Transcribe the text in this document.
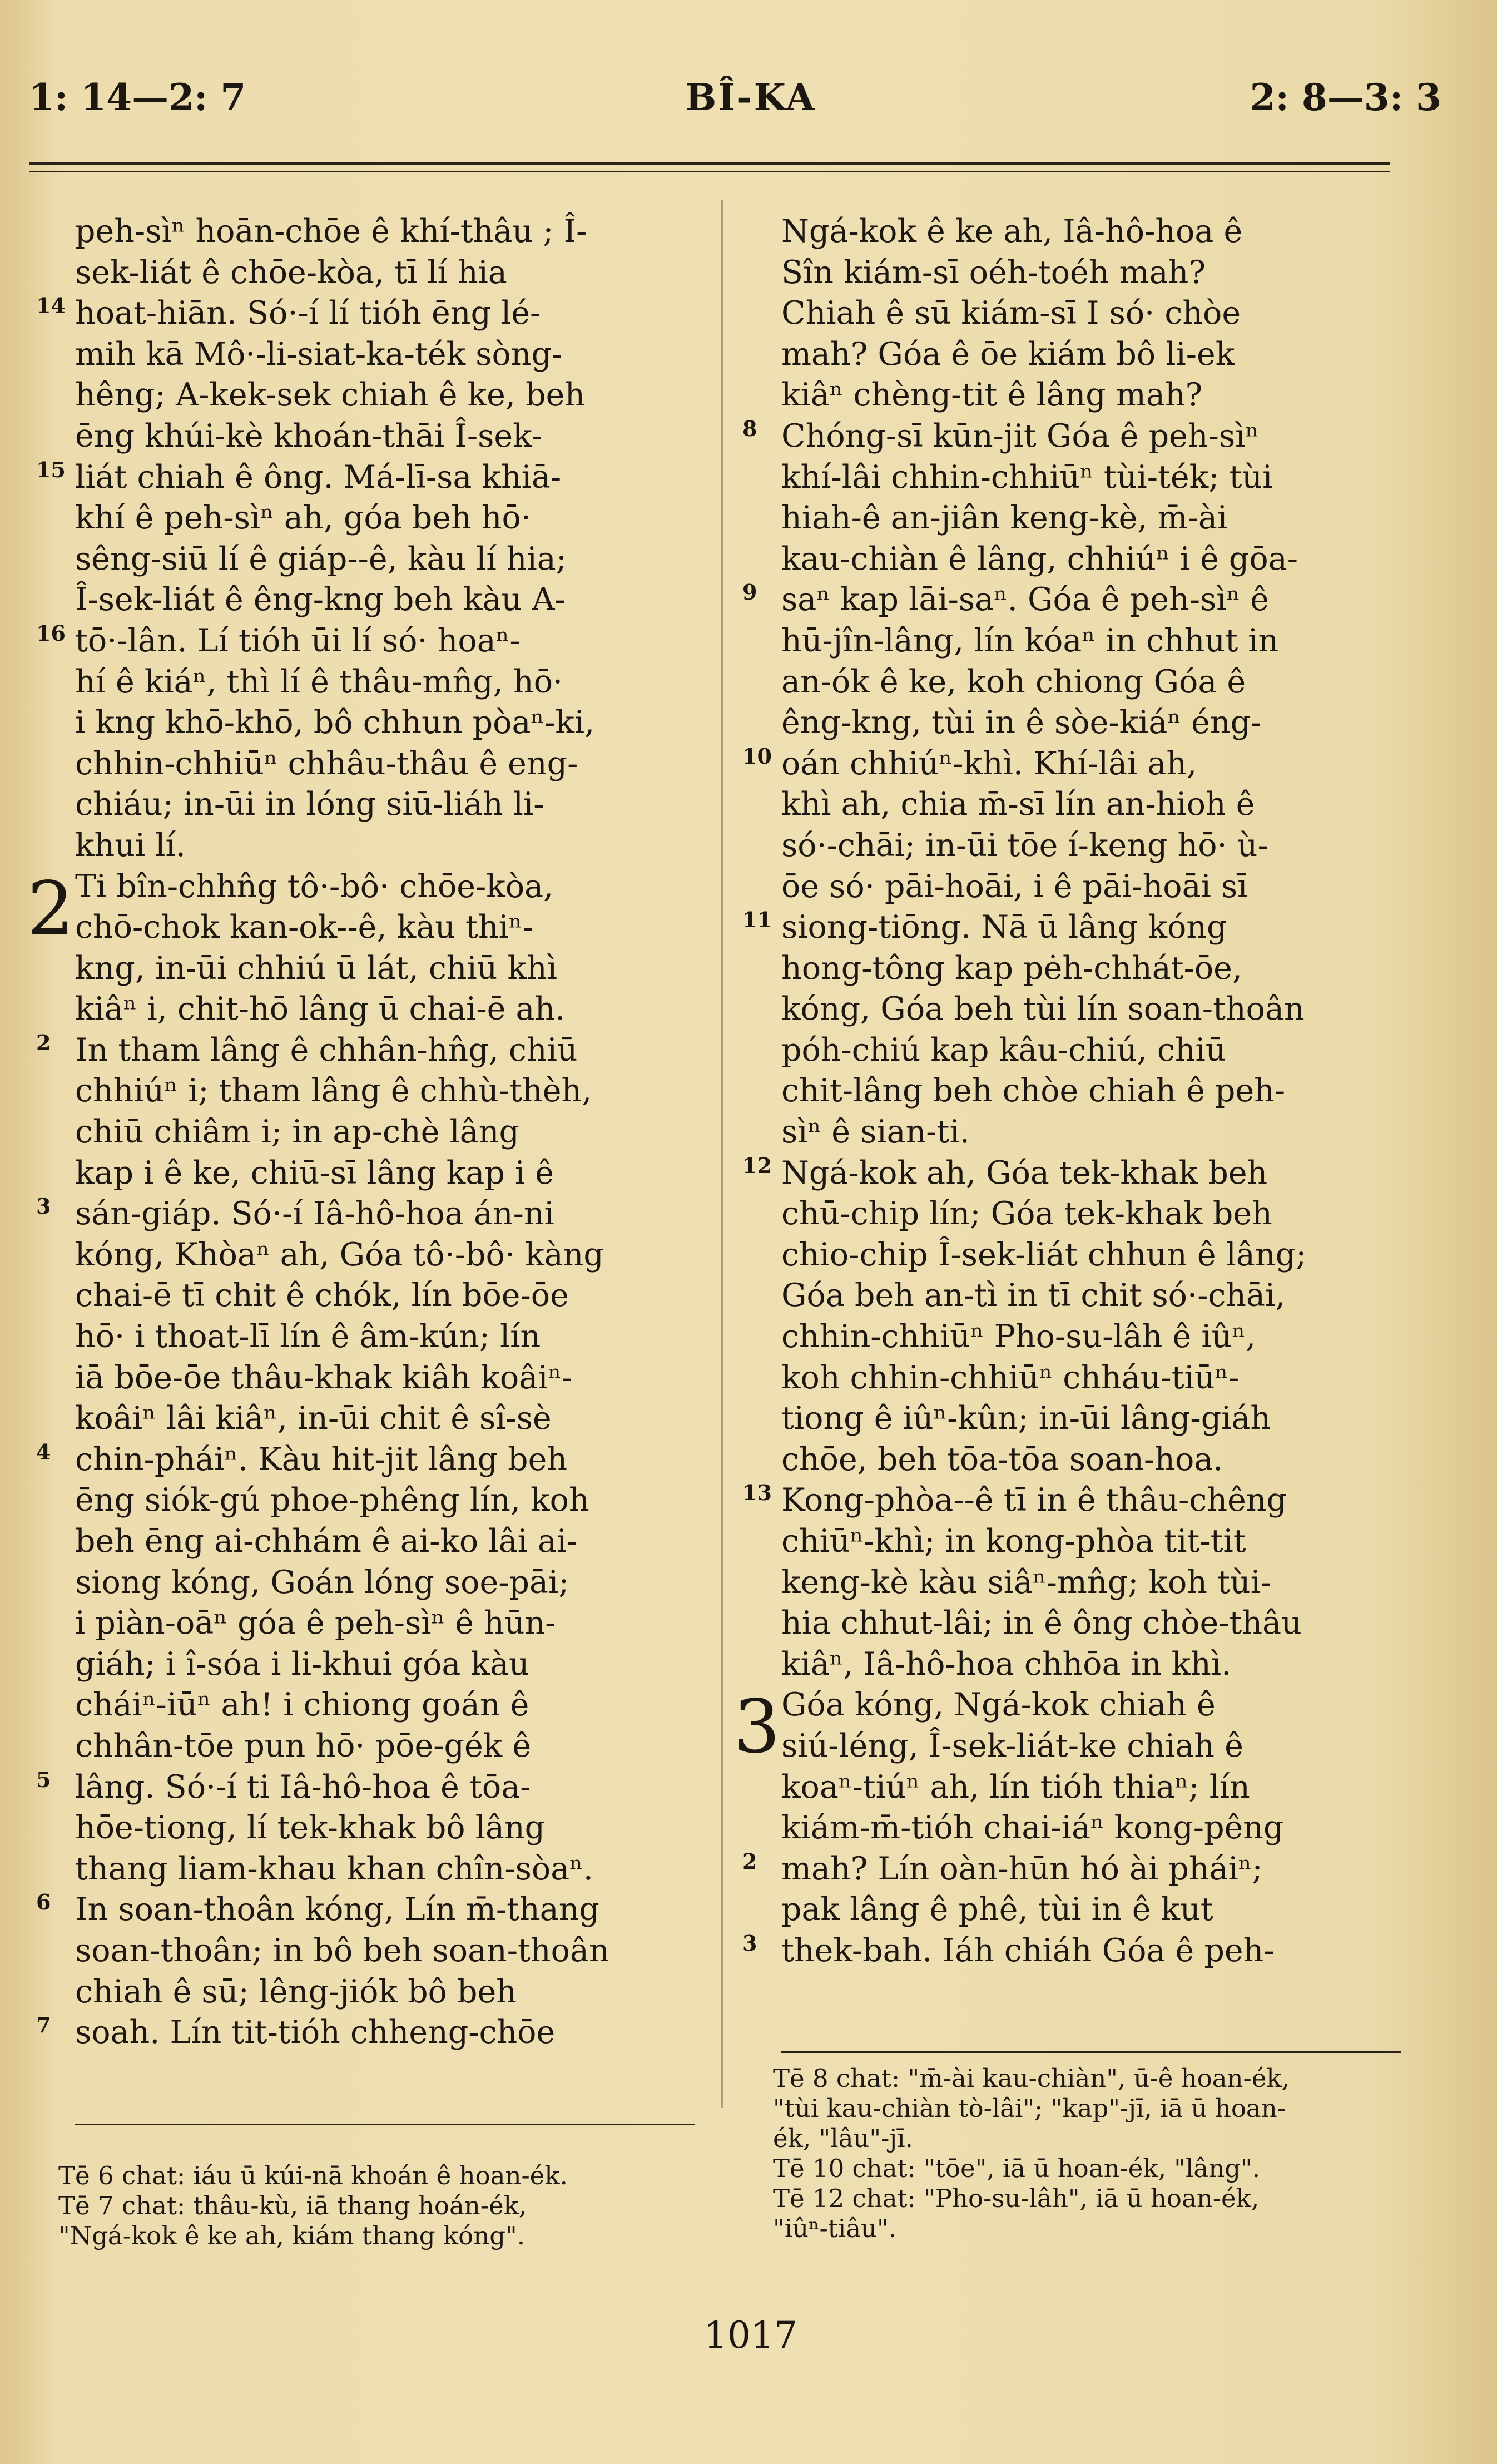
1: 14—2: 7	BÎ-KA	2: 8—3: 3
peh-sìⁿ hoān-chōe ê khí-thâu ; Î-
sek-liát ê chōe-kòa, tī lí hia
14 hoat-hiān. Só·-í lí tióh ēng lé-
mih kā Mô·-li-siat-ka-ték sòng-
hêng; A-kek-sek chiah ê ke, beh
ēng khúi-kè khoán-thāi Î-sek-
15 liát chiah ê ông. Má-lī-sa khiā-
khí ê peh-sìⁿ ah, góa beh hō·
sêng-siū lí ê giáp--ê, kàu lí hia;
Î-sek-liát ê êng-kng beh kàu A-
16 tō·-lân. Lí tióh ūi lí só· hoaⁿ-
hí ê kiáⁿ, thì lí ê thâu-mn̂g, hō·
i kng khō-khō, bô chhun pòaⁿ-ki,
chhin-chhiūⁿ chhâu-thâu ê eng-
chiáu; in-ūi in lóng siū-liáh li-
khui lí.
2 Ti bîn-chhn̂g tô·-bô· chōe-kòa,
chō-chok kan-ok--ê, kàu thiⁿ-
kng, in-ūi chhiú ū lát, chiū khì
kiâⁿ i, chit-hō lâng ū chai-ē ah.
2 In tham lâng ê chhân-hn̂g, chiū
chhiúⁿ i; tham lâng ê chhù-thèh,
chiū chiâm i; in ap-chè lâng
kap i ê ke, chiū-sī lâng kap i ê
3 sán-giáp. Só·-í Iâ-hô-hoa án-ni
kóng, Khòaⁿ ah, Góa tô·-bô· kàng
chai-ē tī chit ê chók, lín bōe-ōe
hō· i thoat-lī lín ê âm-kún; lín
iā bōe-ōe thâu-khak kiâh koâiⁿ-
koâiⁿ lâi kiâⁿ, in-ūi chit ê sî-sè
4 chin-pháiⁿ. Kàu hit-jit lâng beh
ēng siók-gú phoe-phêng lín, koh
beh ēng ai-chhám ê ai-ko lâi ai-
siong kóng, Goán lóng soe-pāi;
i piàn-oāⁿ góa ê peh-sìⁿ ê hūn-
giáh; i î-sóa i li-khui góa kàu
cháiⁿ-iūⁿ ah! i chiong goán ê
chhân-tōe pun hō· pōe-gék ê
5 lâng. Só·-í ti Iâ-hô-hoa ê tōa-
hōe-tiong, lí tek-khak bô lâng
thang liam-khau khan chîn-sòaⁿ.
6 In soan-thoân kóng, Lín m̄-thang
soan-thoân; in bô beh soan-thoân
chiah ê sū; lêng-jiók bô beh
7 soah. Lín tit-tióh chheng-chōe
Ngá-kok ê ke ah, Iâ-hô-hoa ê
Sîn kiám-sī oéh-toéh mah?
Chiah ê sū kiám-sī I só· chòe
mah? Góa ê ōe kiám bô li-ek
kiâⁿ chèng-tit ê lâng mah?
8 Chóng-sī kūn-jit Góa ê peh-sìⁿ
khí-lâi chhin-chhiūⁿ tùi-ték; tùi
hiah-ê an-jiân keng-kè, m̄-ài
kau-chiàn ê lâng, chhiúⁿ i ê gōa-
9 saⁿ kap lāi-saⁿ. Góa ê peh-sìⁿ ê
hū-jîn-lâng, lín kóaⁿ in chhut in
an-ók ê ke, koh chiong Góa ê
êng-kng, tùi in ê sòe-kiáⁿ éng-
10 oán chhiúⁿ-khì. Khí-lâi ah,
khì ah, chia m̄-sī lín an-hioh ê
só·-chāi; in-ūi tōe í-keng hō· ù-
ōe só· pāi-hoāi, i ê pāi-hoāi sī
11 siong-tiōng. Nā ū lâng kóng
hong-tông kap pėh-chhát-ōe,
kóng, Góa beh tùi lín soan-thoân
póh-chiú kap kâu-chiú, chiū
chit-lâng beh chòe chiah ê peh-
sìⁿ ê sian-ti.
12 Ngá-kok ah, Góa tek-khak beh
chū-chip lín; Góa tek-khak beh
chio-chip Î-sek-liát chhun ê lâng;
Góa beh an-tì in tī chit só·-chāi,
chhin-chhiūⁿ Pho-su-lâh ê iûⁿ,
koh chhin-chhiūⁿ chháu-tiūⁿ-
tiong ê iûⁿ-kûn; in-ūi lâng-giáh
chōe, beh tōa-tōa soan-hoa.
13 Kong-phòa--ê tī in ê thâu-chêng
chiūⁿ-khì; in kong-phòa tit-tit
keng-kè kàu siâⁿ-mn̂g; koh tùi-
hia chhut-lâi; in ê ông chòe-thâu
kiâⁿ, Iâ-hô-hoa chhōa in khì.
3 Góa kóng, Ngá-kok chiah ê
siú-léng, Î-sek-liát-ke chiah ê
koaⁿ-tiúⁿ ah, lín tióh thiaⁿ; lín
kiám-m̄-tióh chai-iáⁿ kong-pêng
2 mah? Lín oàn-hūn hó ài pháiⁿ;
pak lâng ê phê, tùi in ê kut
3 thek-bah. Iáh chiáh Góa ê peh-
Tē 6 chat: iáu ū kúi-nā khoán ê hoan-ék.
Tē 7 chat: thâu-kù, iā thang hoán-ék,
"Ngá-kok ê ke ah, kiám thang kóng".
Tē 8 chat: "m̄-ài kau-chiàn", ū-ê hoan-ék,
"tùi kau-chiàn tò-lâi"; "kap"-jī, iā ū hoan-
ék, "lâu"-jī.
Tē 10 chat: "tōe", iā ū hoan-ék, "lâng".
Tē 12 chat: "Pho-su-lâh", iā ū hoan-ék,
"iûⁿ-tiâu".
1017
